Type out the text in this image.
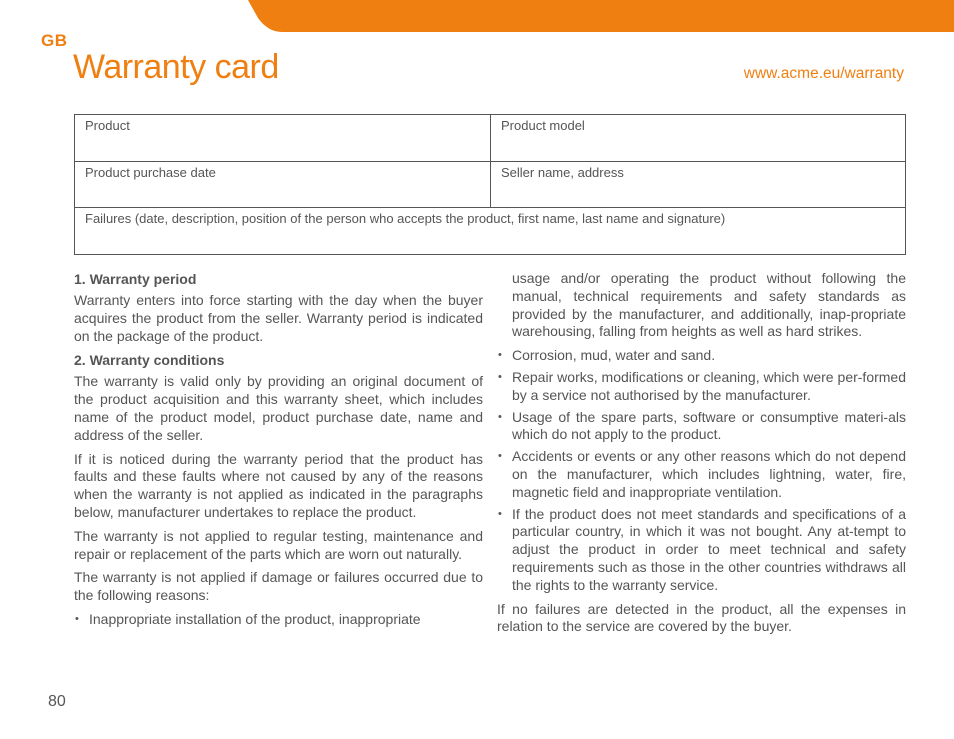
GB
Warranty card	www.acme.eu/warranty
Product	Product model
Product purchase date	Seller name, address
Failures (date, description, position of the person who accepts the product, first name, last name and signature)	
1. Warranty period

Warranty enters into force starting with the day when the buyer acquires the product from the seller. Warranty period is indicated on the package of the product.

2. Warranty conditions

The warranty is valid only by providing an original document of the product acquisition and this warranty sheet, which includes name of the product model, product purchase date, name and address of the seller.

If it is noticed during the warranty period that the product has faults and these faults where not caused by any of the reasons when the warranty is not applied as indicated in the paragraphs below, manufacturer undertakes to replace the product.

The warranty is not applied to regular testing, maintenance and repair or replacement of the parts which are worn out naturally.

The warranty is not applied if damage or failures occurred due to the following reasons:

• Inappropriate installation of the product, inappropriate

usage and/or operating the product without following the manual, technical requirements and safety standards as provided by the manufacturer, and additionally, inap-propriate warehousing, falling from heights as well as hard strikes.

• Corrosion, mud, water and sand.
• Repair works, modifications or cleaning, which were per-formed by a service not authorised by the manufacturer.
• Usage of the spare parts, software or consumptive materi-als which do not apply to the product.
• Accidents or events or any other reasons which do not depend on the manufacturer, which includes lightning, water, fire, magnetic field and inappropriate ventilation.
• If the product does not meet standards and specifications of a particular country, in which it was not bought. Any at-tempt to adjust the product in order to meet technical and safety requirements such as those in the other countries withdraws all the rights to the warranty service.

If no failures are detected in the product, all the expenses in relation to the service are covered by the buyer.

80
